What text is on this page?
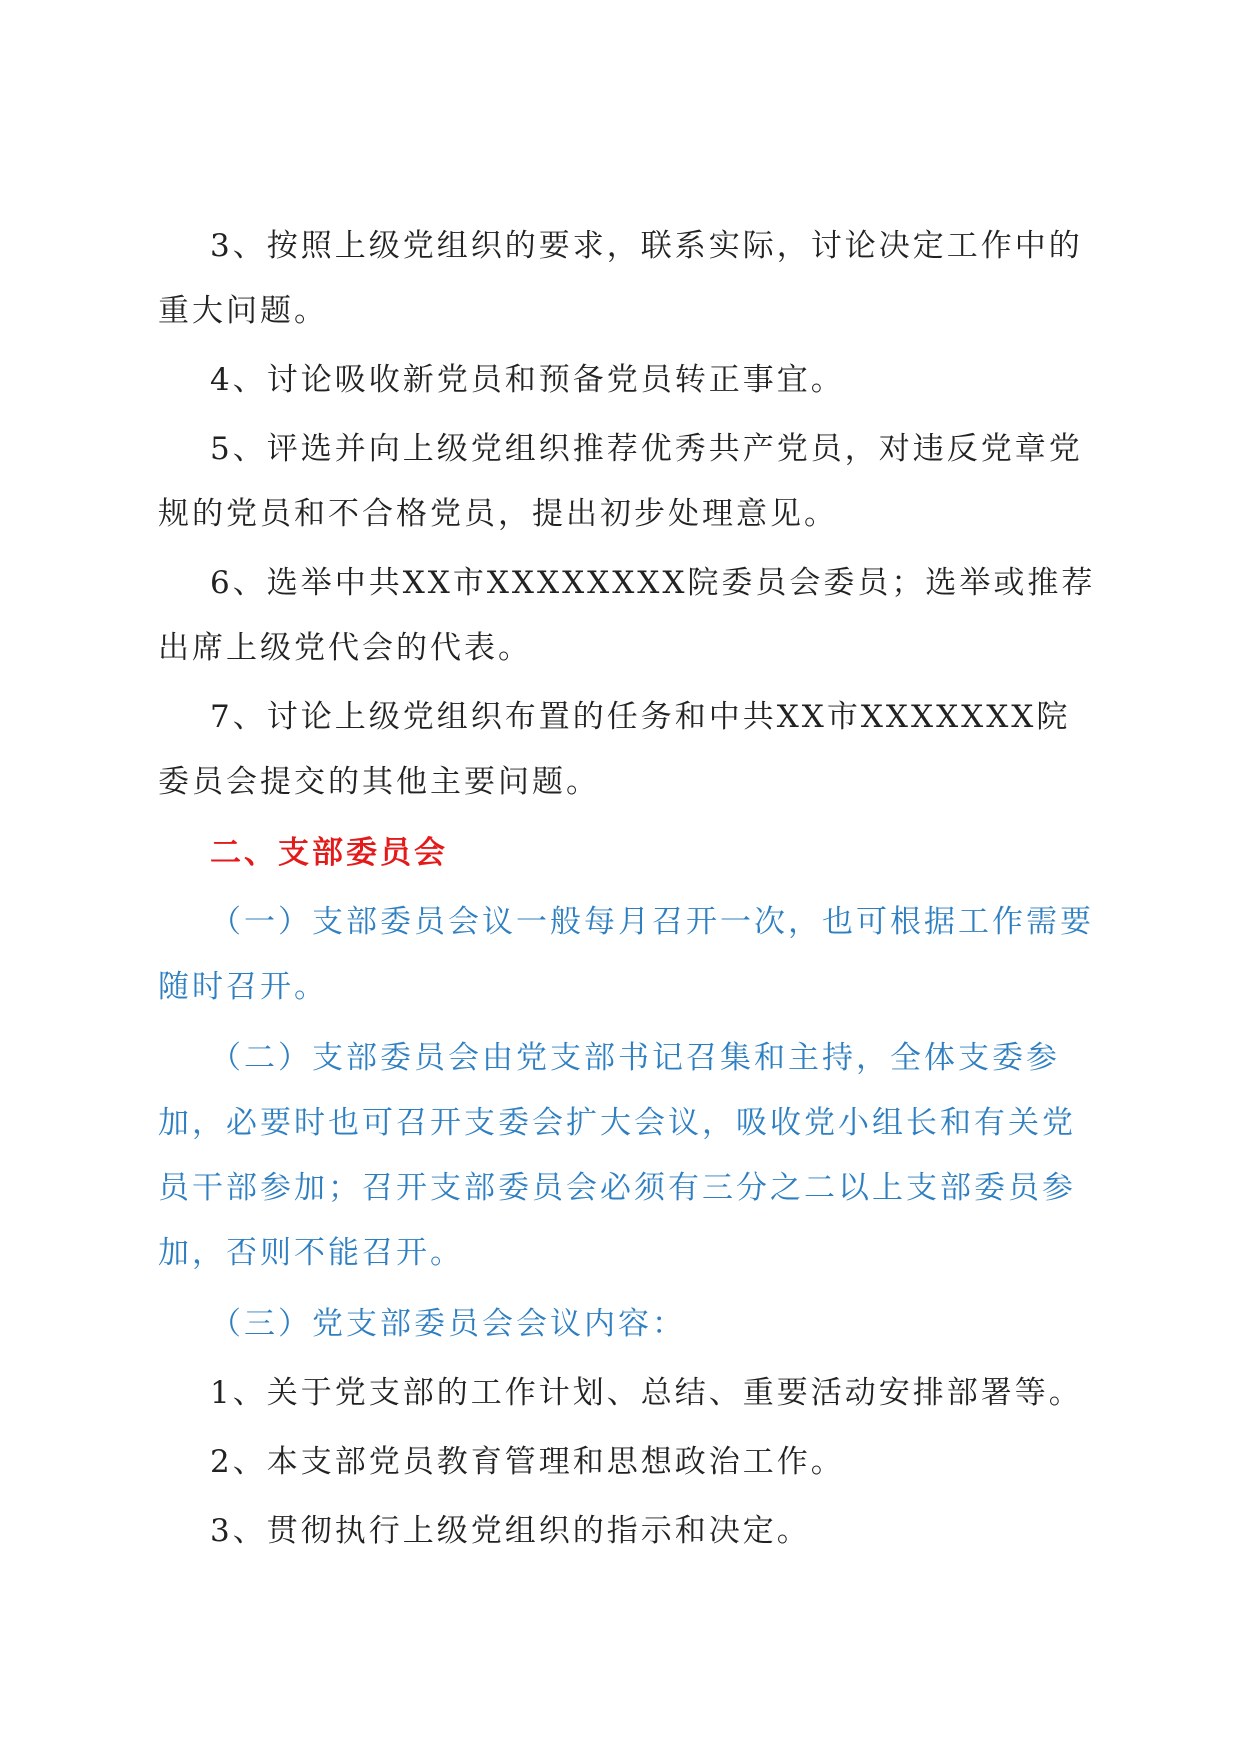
3、按照上级党组织的要求，联系实际，讨论决定工作中的重大问题。

4、讨论吸收新党员和预备党员转正事宜。

5、评选并向上级党组织推荐优秀共产党员，对违反党章党规的党员和不合格党员，提出初步处理意见。

6、选举中共XX市XXXXXXXX院委员会委员；选举或推荐出席上级党代会的代表。

7、讨论上级党组织布置的任务和中共XX市XXXXXXX院委员会提交的其他主要问题。

二、支部委员会

（一）支部委员会议一般每月召开一次，也可根据工作需要随时召开。

（二）支部委员会由党支部书记召集和主持，全体支委参加，必要时也可召开支委会扩大会议，吸收党小组长和有关党员干部参加；召开支部委员会必须有三分之二以上支部委员参加，否则不能召开。

（三）党支部委员会会议内容：

1、关于党支部的工作计划、总结、重要活动安排部署等。

2、本支部党员教育管理和思想政治工作。

3、贯彻执行上级党组织的指示和决定。
